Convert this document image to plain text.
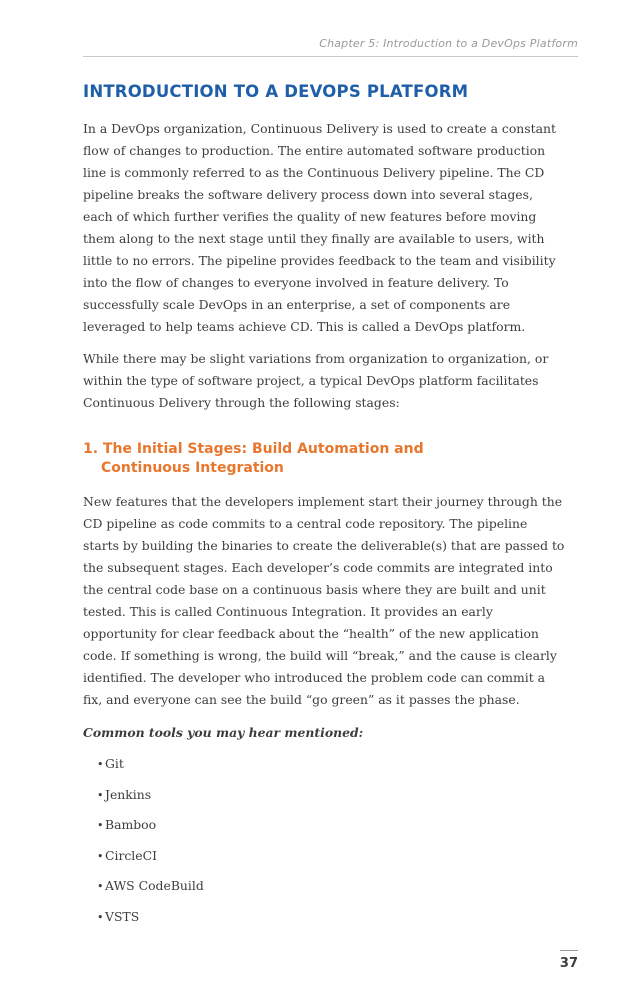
Chapter 5: Introduction to a DevOps Platform
INTRODUCTION TO A DEVOPS PLATFORM

In a DevOps organization, Continuous Delivery is used to create a constant flow of changes to production. The entire automated software production line is commonly referred to as the Continuous Delivery pipeline. The CD pipeline breaks the software delivery process down into several stages, each of which further verifies the quality of new features before moving them along to the next stage until they finally are available to users, with little to no errors. The pipeline provides feedback to the team and visibility into the flow of changes to everyone involved in feature delivery. To successfully scale DevOps in an enterprise, a set of components are leveraged to help teams achieve CD. This is called a DevOps platform.

While there may be slight variations from organization to organization, or within the type of software project, a typical DevOps platform facilitates Continuous Delivery through the following stages:

1. The Initial Stages: Build Automation and Continuous Integration

New features that the developers implement start their journey through the CD pipeline as code commits to a central code repository. The pipeline starts by building the binaries to create the deliverable(s) that are passed to the subsequent stages. Each developer’s code commits are integrated into the central code base on a continuous basis where they are built and unit tested. This is called Continuous Integration. It provides an early opportunity for clear feedback about the “health” of the new application code. If something is wrong, the build will “break,” and the cause is clearly identified. The developer who introduced the problem code can commit a fix, and everyone can see the build “go green” as it passes the phase.

Common tools you may hear mentioned:

• Git
• Jenkins
• Bamboo
• CircleCI
• AWS CodeBuild
• VSTS
37
